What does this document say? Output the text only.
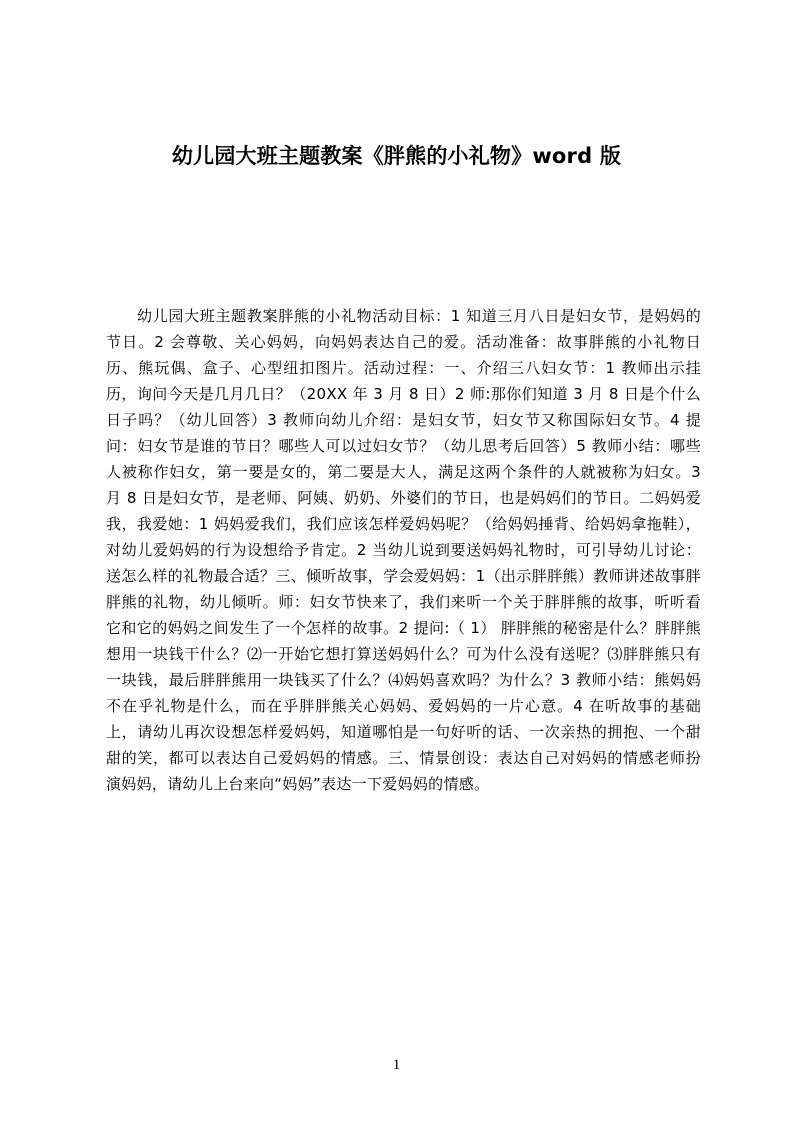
幼儿园大班主题教案《胖熊的小礼物》word 版

幼儿园大班主题教案胖熊的小礼物活动目标：1 知道三月八日是妇女节，是妈妈的节日。2 会尊敬、关心妈妈，向妈妈表达自己的爱。活动准备：故事胖熊的小礼物日历、熊玩偶、盒子、心型纽扣图片。活动过程：一、介绍三八妇女节：1 教师出示挂历，询问今天是几月几日？（20XX 年 3 月 8 日）2 师:那你们知道 3 月 8 日是个什么日子吗？（幼儿回答）3 教师向幼儿介绍：是妇女节，妇女节又称国际妇女节。4 提问：妇女节是谁的节日？哪些人可以过妇女节？（幼儿思考后回答）5 教师小结：哪些人被称作妇女，第一要是女的，第二要是大人，满足这两个条件的人就被称为妇女。3 月 8 日是妇女节，是老师、阿姨、奶奶、外婆们的节日，也是妈妈们的节日。二妈妈爱我，我爱她：1 妈妈爱我们，我们应该怎样爱妈妈呢？（给妈妈捶背、给妈妈拿拖鞋），对幼儿爱妈妈的行为设想给予肯定。2 当幼儿说到要送妈妈礼物时，可引导幼儿讨论：送怎么样的礼物最合适？三、倾听故事，学会爱妈妈：1（出示胖胖熊）教师讲述故事胖胖熊的礼物，幼儿倾听。师：妇女节快来了，我们来听一个关于胖胖熊的故事，听听看它和它的妈妈之间发生了一个怎样的故事。2 提问:（ 1） 胖胖熊的秘密是什么？胖胖熊想用一块钱干什么？⑵一开始它想打算送妈妈什么？可为什么没有送呢？⑶胖胖熊只有一块钱，最后胖胖熊用一块钱买了什么？⑷妈妈喜欢吗？为什么？3 教师小结：熊妈妈不在乎礼物是什么，而在乎胖胖熊关心妈妈、爱妈妈的一片心意。4 在听故事的基础上，请幼儿再次设想怎样爱妈妈，知道哪怕是一句好听的话、一次亲热的拥抱、一个甜甜的笑，都可以表达自己爱妈妈的情感。三、情景创设：表达自己对妈妈的情感老师扮演妈妈，请幼儿上台来向“妈妈”表达一下爱妈妈的情感。

1
